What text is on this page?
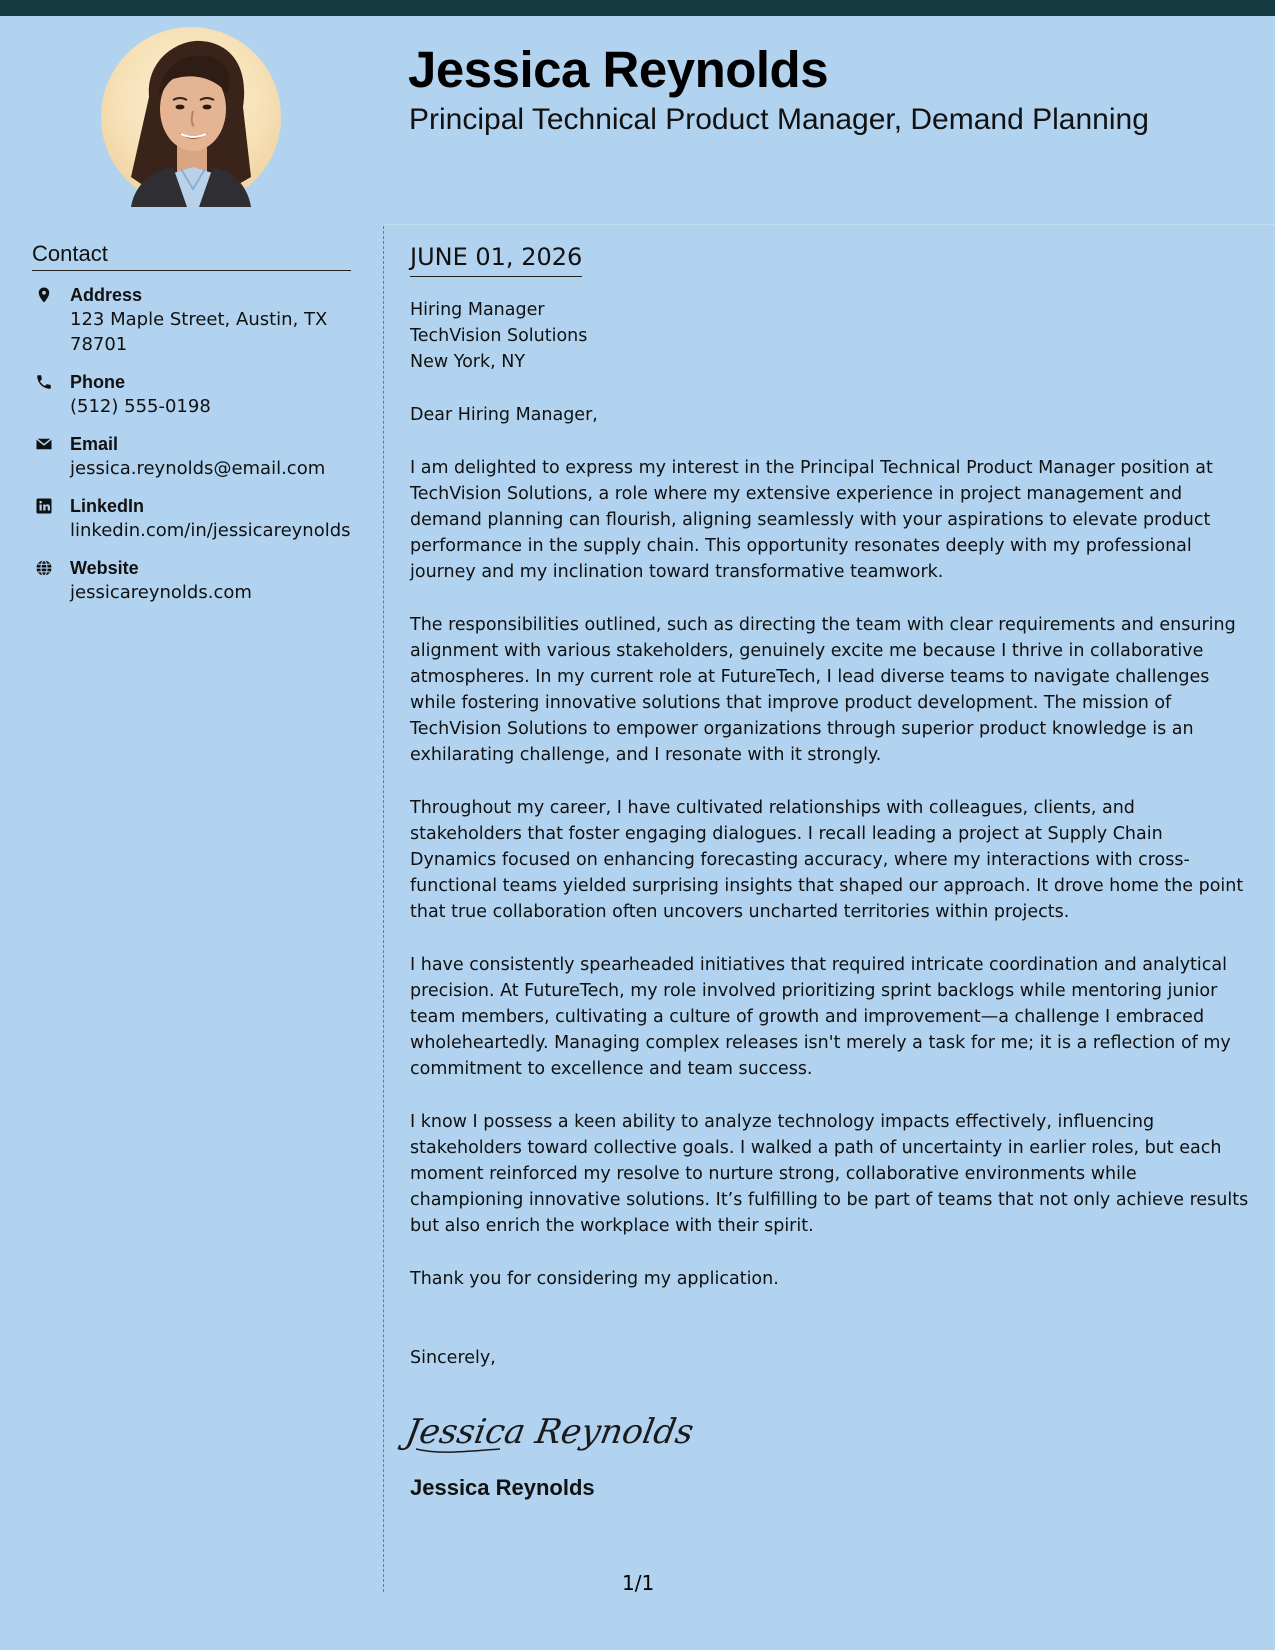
Jessica Reynolds
Principal Technical Product Manager, Demand Planning
Contact
Address
123 Maple Street, Austin, TX 78701
Phone
(512) 555-0198
Email
jessica.reynolds@email.com
LinkedIn
linkedin.com/in/jessicareynolds
Website
jessicareynolds.com
JUNE 01, 2026
Hiring Manager
TechVision Solutions
New York, NY
Dear Hiring Manager,
I am delighted to express my interest in the Principal Technical Product Manager position at TechVision Solutions, a role where my extensive experience in project management and demand planning can flourish, aligning seamlessly with your aspirations to elevate product performance in the supply chain. This opportunity resonates deeply with my professional journey and my inclination toward transformative teamwork.
The responsibilities outlined, such as directing the team with clear requirements and ensuring alignment with various stakeholders, genuinely excite me because I thrive in collaborative atmospheres. In my current role at FutureTech, I lead diverse teams to navigate challenges while fostering innovative solutions that improve product development. The mission of TechVision Solutions to empower organizations through superior product knowledge is an exhilarating challenge, and I resonate with it strongly.
Throughout my career, I have cultivated relationships with colleagues, clients, and stakeholders that foster engaging dialogues. I recall leading a project at Supply Chain Dynamics focused on enhancing forecasting accuracy, where my interactions with cross-functional teams yielded surprising insights that shaped our approach. It drove home the point that true collaboration often uncovers uncharted territories within projects.
I have consistently spearheaded initiatives that required intricate coordination and analytical precision. At FutureTech, my role involved prioritizing sprint backlogs while mentoring junior team members, cultivating a culture of growth and improvement—a challenge I embraced wholeheartedly. Managing complex releases isn't merely a task for me; it is a reflection of my commitment to excellence and team success.
I know I possess a keen ability to analyze technology impacts effectively, influencing stakeholders toward collective goals. I walked a path of uncertainty in earlier roles, but each moment reinforced my resolve to nurture strong, collaborative environments while championing innovative solutions. It’s fulfilling to be part of teams that not only achieve results but also enrich the workplace with their spirit.
Thank you for considering my application.
Sincerely,
Jessica Reynolds
Jessica Reynolds
1/1
